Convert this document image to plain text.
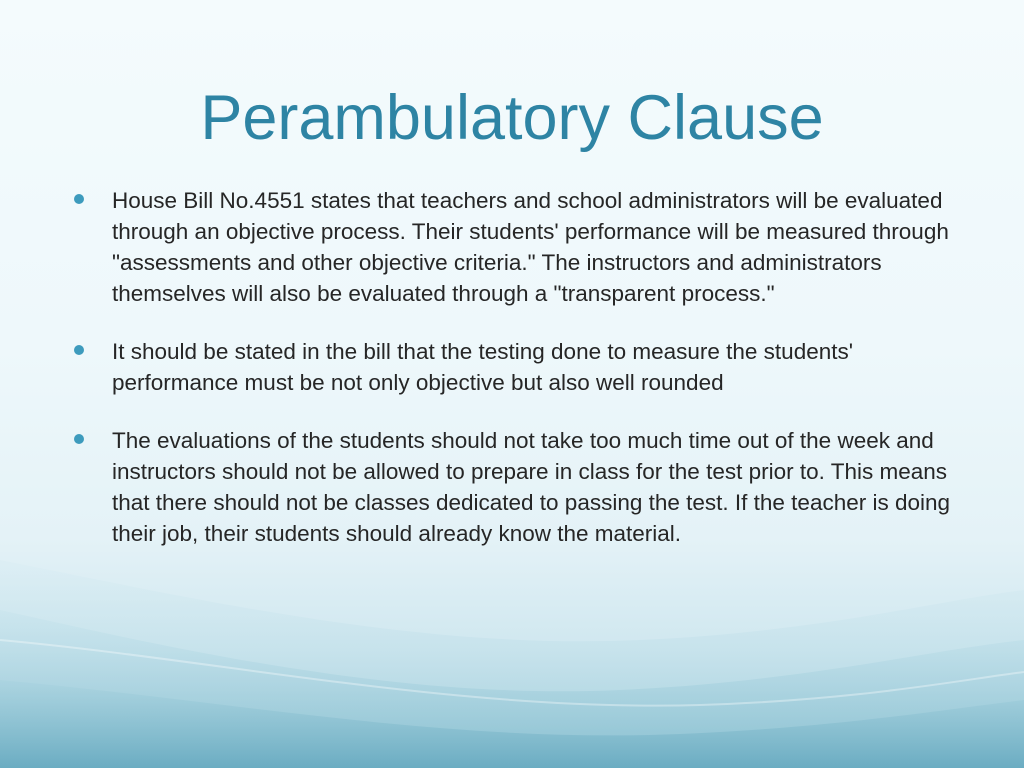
Perambulatory Clause
House Bill No.4551 states that teachers and school administrators will be evaluated through an objective process. Their students' performance will be measured through "assessments and other objective criteria." The instructors and administrators themselves will also be evaluated through a "transparent process."
It should be stated in the bill that the testing done to measure the students' performance must be not only objective but also well rounded
The evaluations of the students should not take too much time out of the week and instructors should not be allowed to prepare in class for the test prior to. This means that there should not be classes dedicated to passing the test. If the teacher is doing their job, their students should already know the material.
